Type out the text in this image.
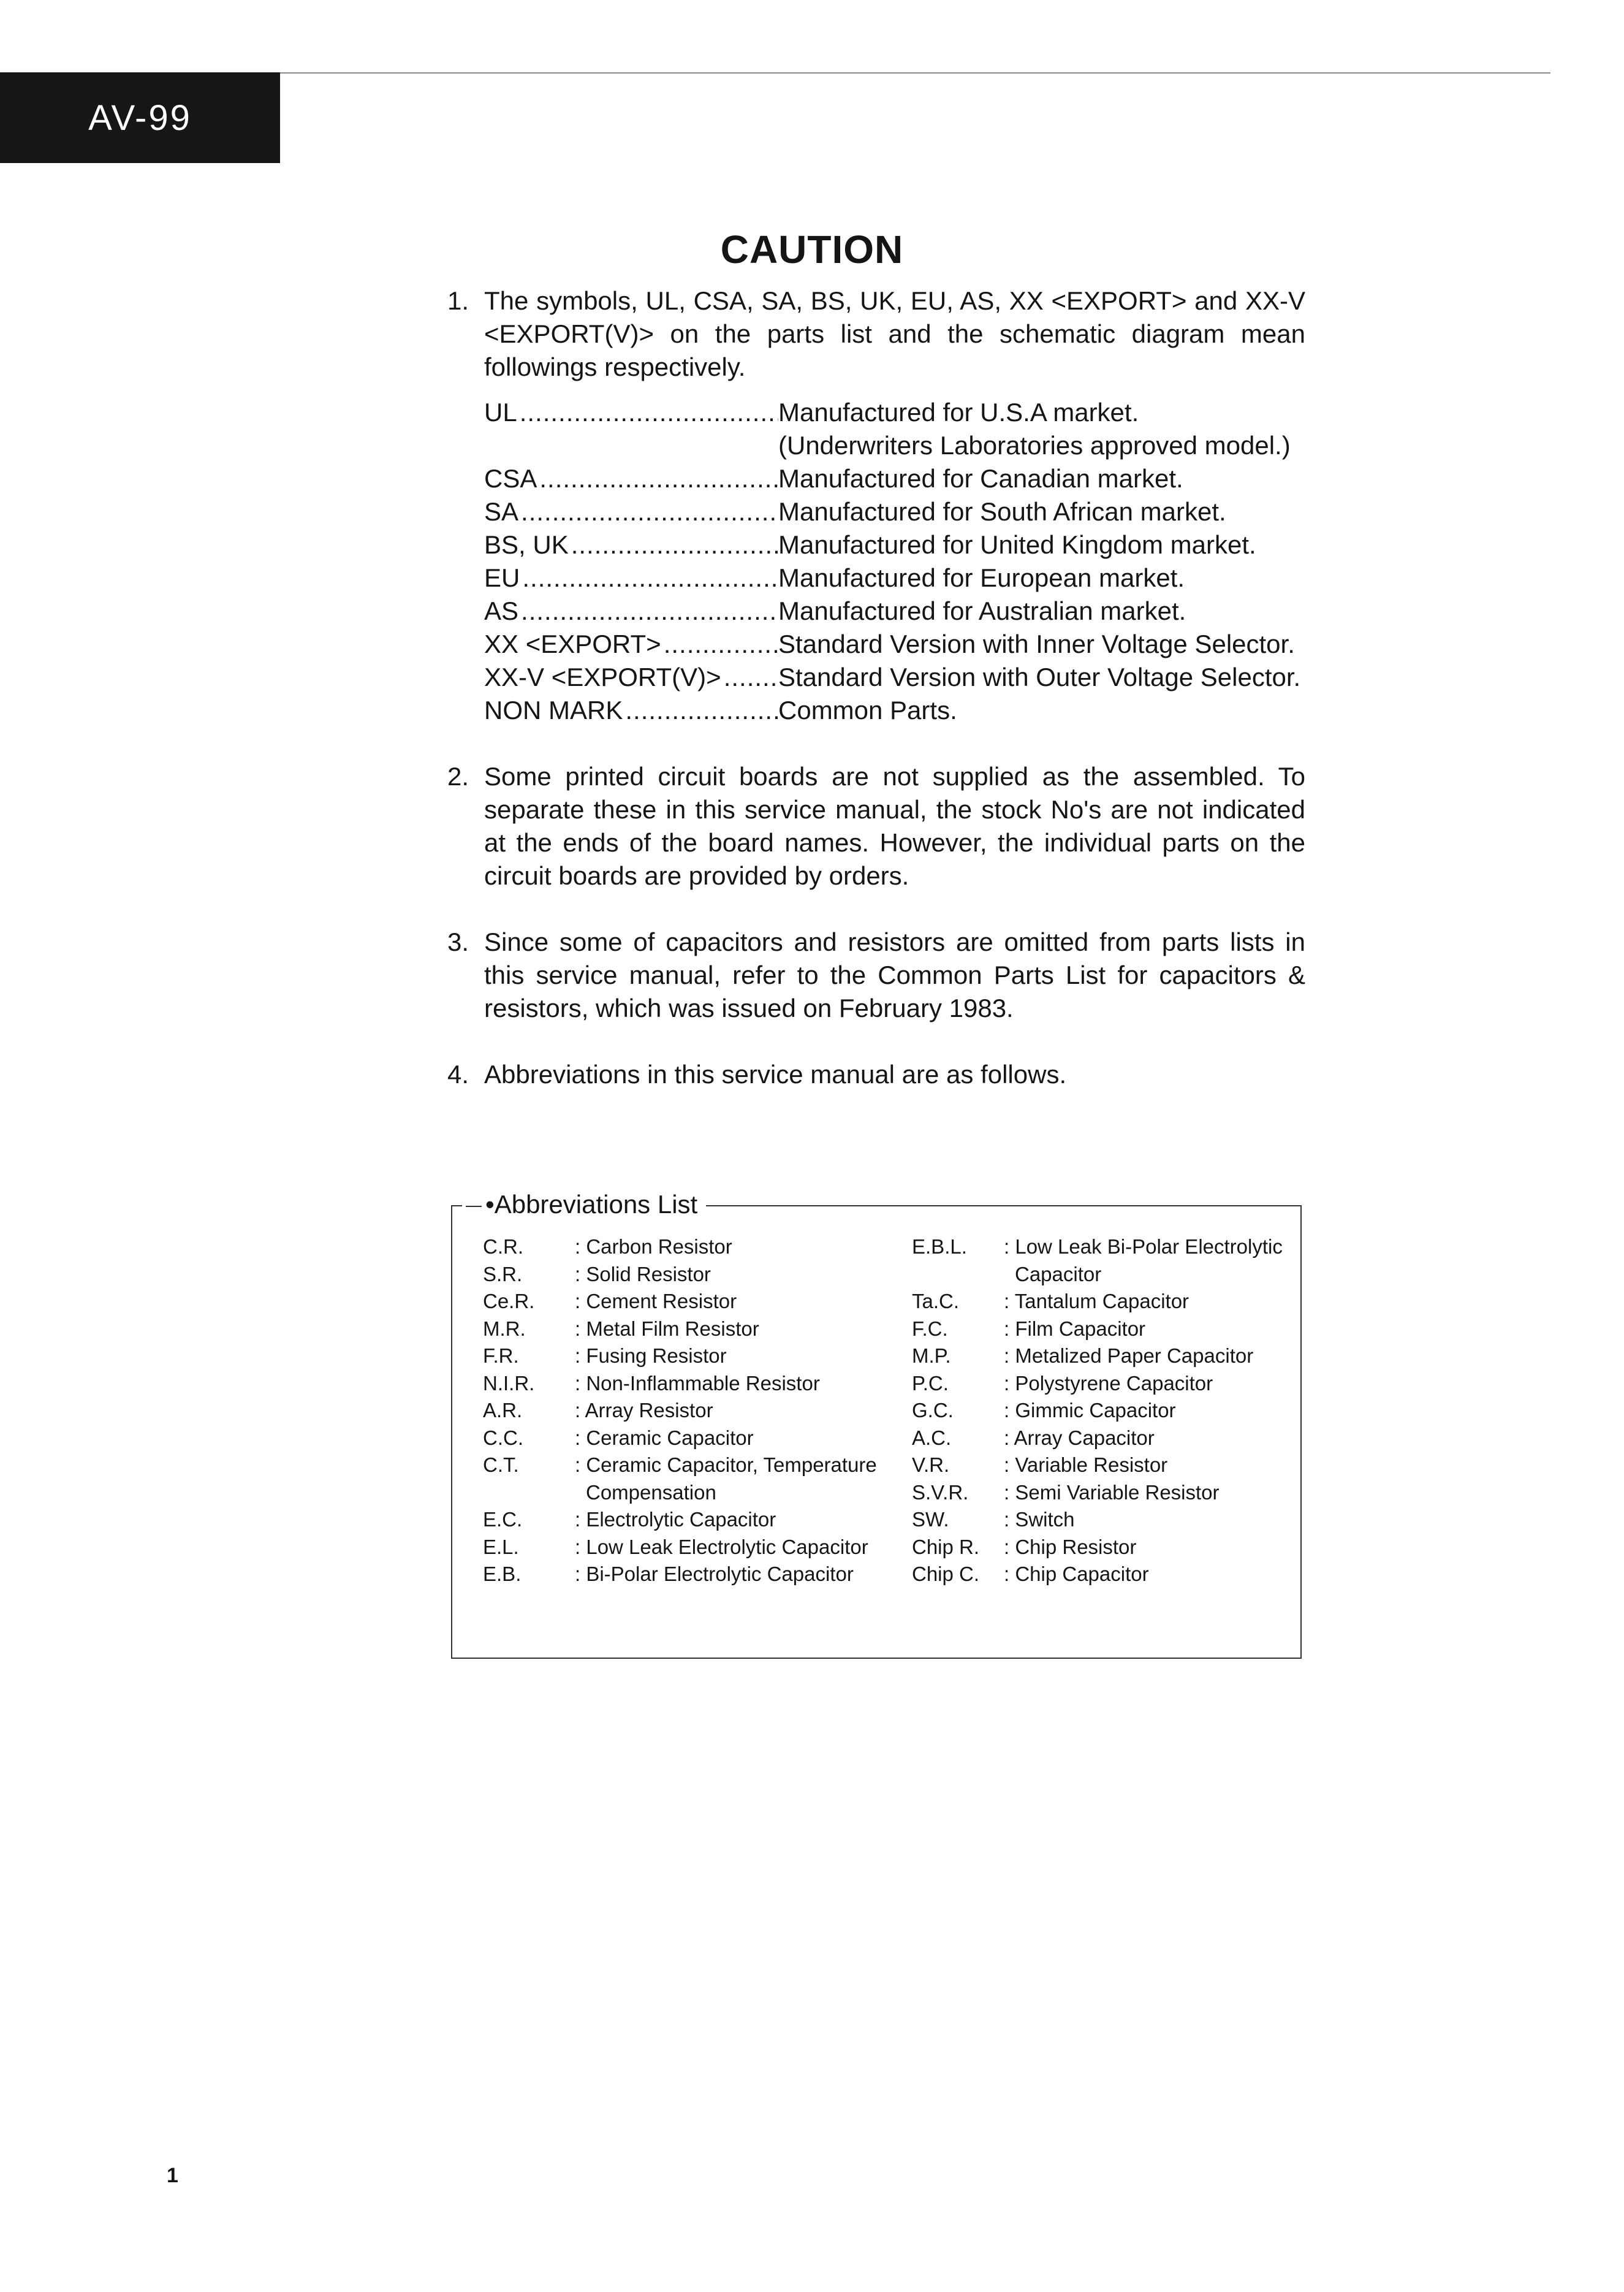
AV-99
CAUTION
1. The symbols, UL, CSA, SA, BS, UK, EU, AS, XX <EXPORT> and XX-V <EXPORT(V)> on the parts list and the schematic diagram mean followings respectively.

UL .....	Manufactured for U.S.A market.
(Underwriters Laboratories approved model.)
CSA .....	Manufactured for Canadian market.
SA .....	Manufactured for South African market.
BS, UK .....	Manufactured for United Kingdom market.
EU .....	Manufactured for European market.
AS .....	Manufactured for Australian market.
XX <EXPORT> .....	Standard Version with Inner Voltage Selector.
XX-V <EXPORT(V)> .....	Standard Version with Outer Voltage Selector.
NON MARK .....	Common Parts.
2. Some printed circuit boards are not supplied as the assembled. To separate these in this service manual, the stock No's are not indicated at the ends of the board names. However, the individual parts on the circuit boards are provided by orders.

3. Since some of capacitors and resistors are omitted from parts lists in this service manual, refer to the Common Parts List for capacitors & resistors, which was issued on February 1983.

4. Abbreviations in this service manual are as follows.

•Abbreviations List
C.R.	: Carbon Resistor
S.R.	: Solid Resistor
Ce.R.	: Cement Resistor
M.R.	: Metal Film Resistor
F.R.	: Fusing Resistor
N.I.R.	: Non-Inflammable Resistor
A.R.	: Array Resistor
C.C.	: Ceramic Capacitor
C.T.	: Ceramic Capacitor, Temperature Compensation
E.C.	: Electrolytic Capacitor
E.L.	: Low Leak Electrolytic Capacitor
E.B.	: Bi-Polar Electrolytic Capacitor
E.B.L.	: Low Leak Bi-Polar Electrolytic Capacitor
Ta.C.	: Tantalum Capacitor
F.C.	: Film Capacitor
M.P.	: Metalized Paper Capacitor
P.C.	: Polystyrene Capacitor
G.C.	: Gimmic Capacitor
A.C.	: Array Capacitor
V.R.	: Variable Resistor
S.V.R.	: Semi Variable Resistor
SW.	: Switch
Chip R.	: Chip Resistor
Chip C.	: Chip Capacitor
1
